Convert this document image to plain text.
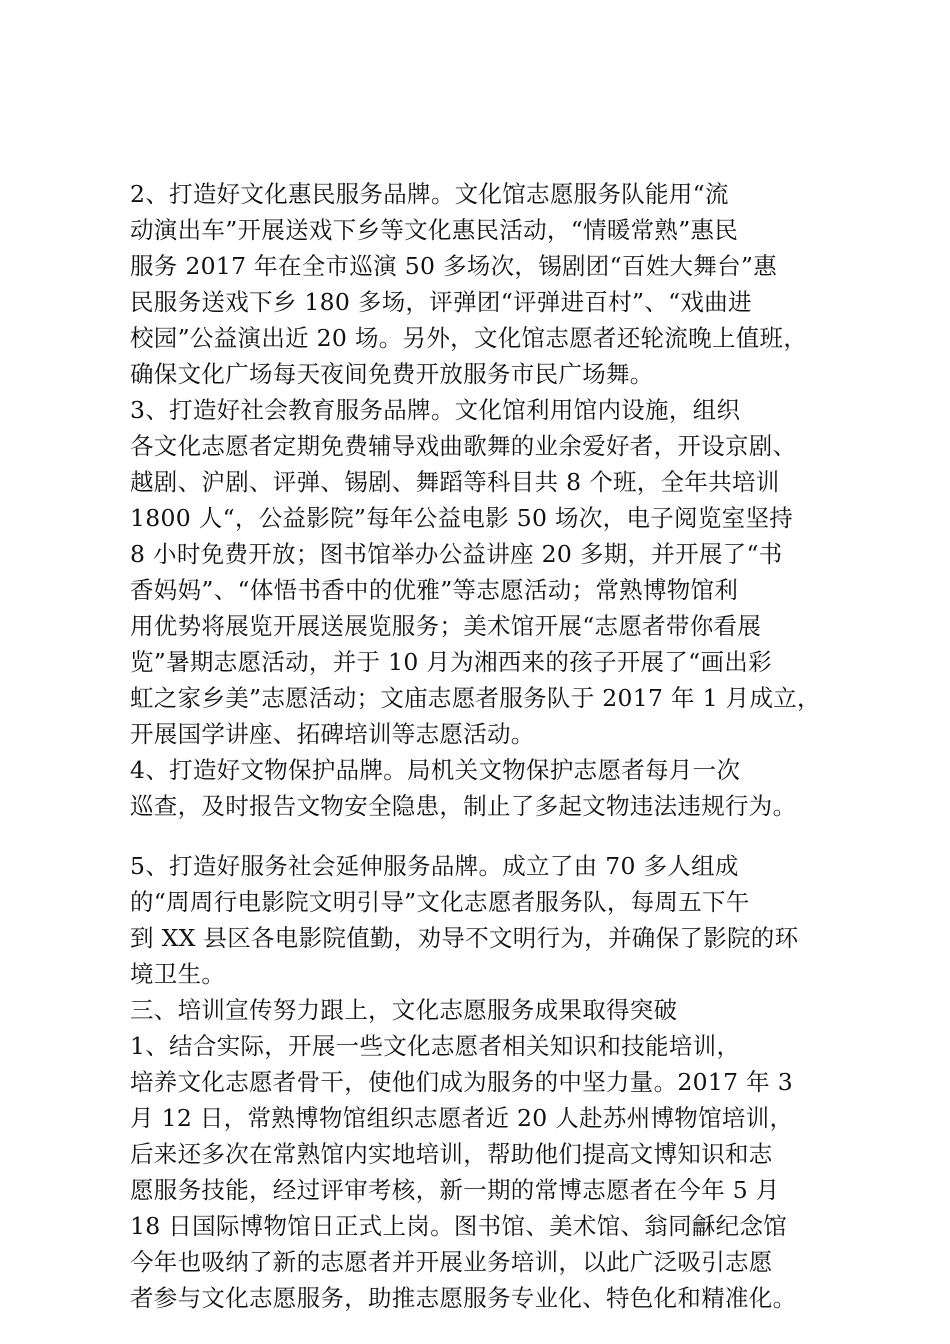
2、打造好文化惠民服务品牌。文化馆志愿服务队能用“流
动演出车”开展送戏下乡等文化惠民活动，“情暖常熟”惠民
服务 2017 年在全市巡演 50 多场次，锡剧团“百姓大舞台”惠
民服务送戏下乡 180 多场，评弹团“评弹进百村”、“戏曲进
校园”公益演出近 20 场。另外，文化馆志愿者还轮流晚上值班，
确保文化广场每天夜间免费开放服务市民广场舞。
3、打造好社会教育服务品牌。文化馆利用馆内设施，组织
各文化志愿者定期免费辅导戏曲歌舞的业余爱好者，开设京剧、
越剧、沪剧、评弹、锡剧、舞蹈等科目共 8 个班，全年共培训
1800 人“，公益影院”每年公益电影 50 场次，电子阅览室坚持
8 小时免费开放；图书馆举办公益讲座 20 多期，并开展了“书
香妈妈”、“体悟书香中的优雅”等志愿活动；常熟博物馆利
用优势将展览开展送展览服务；美术馆开展“志愿者带你看展
览”暑期志愿活动，并于 10 月为湘西来的孩子开展了“画出彩
虹之家乡美”志愿活动；文庙志愿者服务队于 2017 年 1 月成立，
开展国学讲座、拓碑培训等志愿活动。
4、打造好文物保护品牌。局机关文物保护志愿者每月一次
巡查，及时报告文物安全隐患，制止了多起文物违法违规行为。
5、打造好服务社会延伸服务品牌。成立了由 70 多人组成
的“周周行电影院文明引导”文化志愿者服务队，每周五下午
到 XX 县区各电影院值勤，劝导不文明行为，并确保了影院的环
境卫生。
三、培训宣传努力跟上，文化志愿服务成果取得突破
1、结合实际，开展一些文化志愿者相关知识和技能培训，
培养文化志愿者骨干，使他们成为服务的中坚力量。2017 年 3
月 12 日，常熟博物馆组织志愿者近 20 人赴苏州博物馆培训，
后来还多次在常熟馆内实地培训，帮助他们提高文博知识和志
愿服务技能，经过评审考核，新一期的常博志愿者在今年 5 月
18 日国际博物馆日正式上岗。图书馆、美术馆、翁同龢纪念馆
今年也吸纳了新的志愿者并开展业务培训，以此广泛吸引志愿
者参与文化志愿服务，助推志愿服务专业化、特色化和精准化。
